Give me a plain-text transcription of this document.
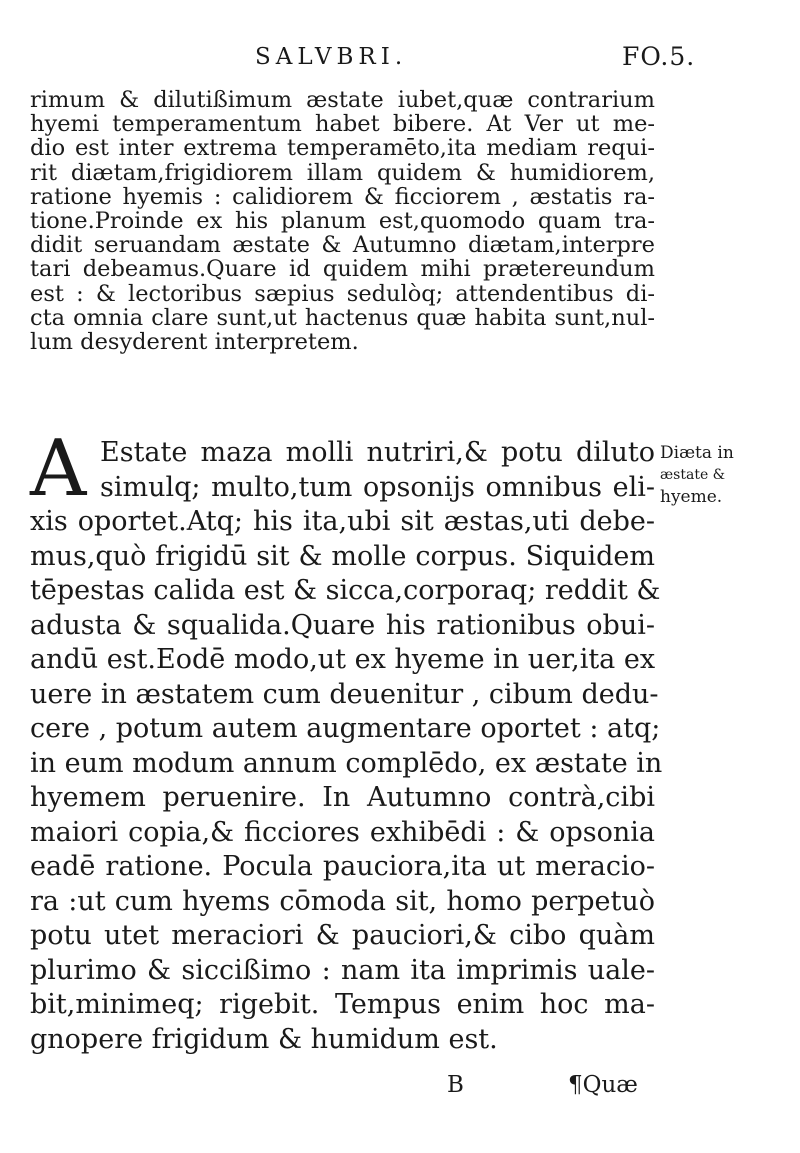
SALVBRI.	FO.5.
rimum & dilutißimum æstate iubet,quæ contrarium
hyemi temperamentum habet bibere. At Ver ut me-
dio est inter extrema temperamēto,ita mediam requi-
rit diætam,frigidiorem illam quidem & humidiorem,
ratione hyemis : calidiorem & ficciorem , æstatis ra-
tione.Proinde ex his planum est,quomodo quam tra-
didit seruandam æstate & Autumno diætam,interpre
tari debeamus.Quare id quidem mihi prætereundum
est : & lectoribus sæpius sedulòq; attendentibus di-
cta omnia clare sunt,ut hactenus quæ habita sunt,nul-
lum desyderent interpretem.
A Estate maza molli nutriri,& potu diluto
simulq; multo,tum opsonijs omnibus eli-
xis oportet.Atq; his ita,ubi sit æstas,uti debe-
mus,quò frigidū sit & molle corpus. Siquidem
tēpestas calida est & sicca,corporaq; reddit &
adusta & squalida.Quare his rationibus obui-
andū est.Eodē modo,ut ex hyeme in uer,ita ex
uere in æstatem cum deuenitur , cibum dedu-
cere , potum autem augmentare oportet : atq;
in eum modum annum complēdo, ex æstate in
hyemem peruenire. In Autumno contrà,cibi
maiori copia,& ficciores exhibēdi : & opsonia
eadē ratione. Pocula pauciora,ita ut meracio-
ra :ut cum hyems cōmoda sit, homo perpetuò
potu utet meraciori & pauciori,& cibo quàm
plurimo & siccißimo : nam ita imprimis uale-
bit,minimeq; rigebit. Tempus enim hoc ma-
gnopere frigidum & humidum est.
Diæta in
æstate &
hyeme.
B	¶Quæ
